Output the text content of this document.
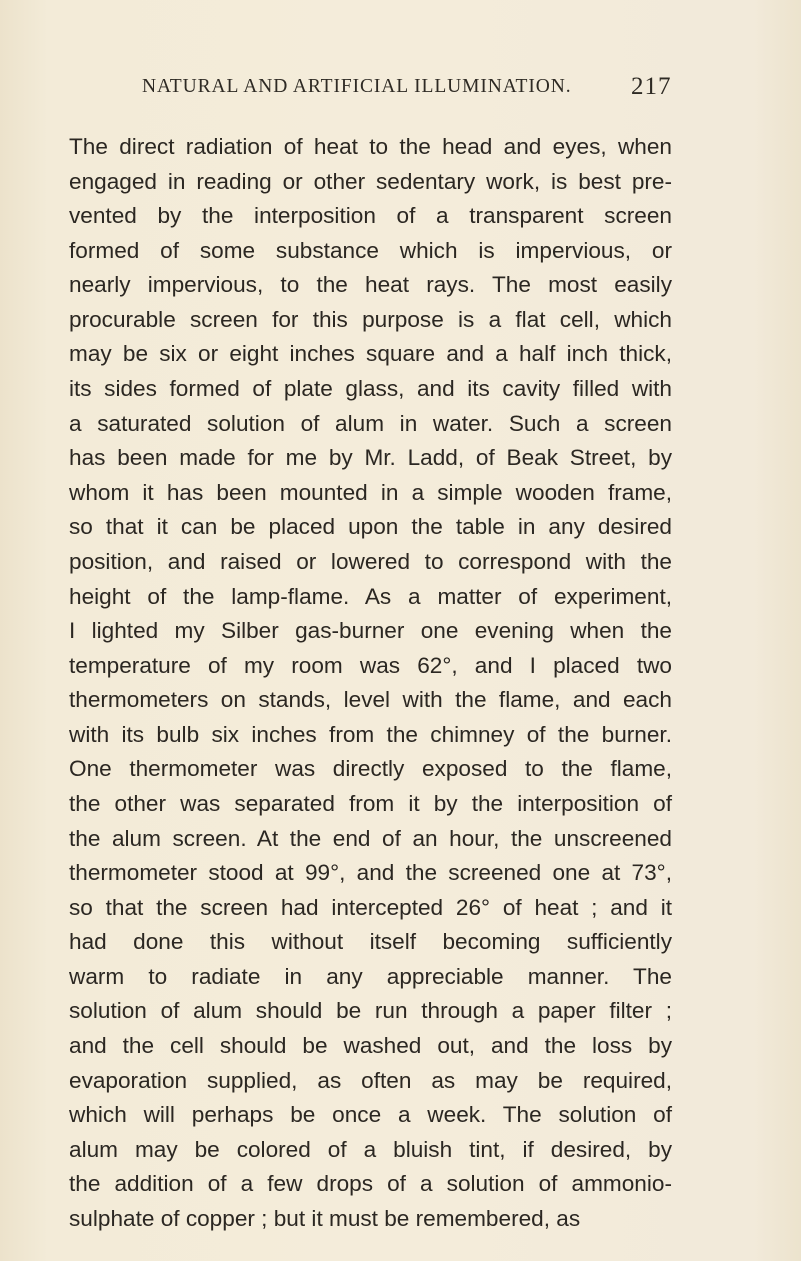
NATURAL AND ARTIFICIAL ILLUMINATION. 217
The direct radiation of heat to the head and eyes, when
engaged in reading or other sedentary work, is best pre-
vented by the interposition of a transparent screen
formed of some substance which is impervious, or
nearly impervious, to the heat rays. The most easily
procurable screen for this purpose is a flat cell, which
may be six or eight inches square and a half inch thick,
its sides formed of plate glass, and its cavity filled with
a saturated solution of alum in water. Such a screen
has been made for me by Mr. Ladd, of Beak Street, by
whom it has been mounted in a simple wooden frame,
so that it can be placed upon the table in any desired
position, and raised or lowered to correspond with the
height of the lamp-flame. As a matter of experiment,
I lighted my Silber gas-burner one evening when the
temperature of my room was 62°, and I placed two
thermometers on stands, level with the flame, and each
with its bulb six inches from the chimney of the burner.
One thermometer was directly exposed to the flame,
the other was separated from it by the interposition of
the alum screen. At the end of an hour, the unscreened
thermometer stood at 99°, and the screened one at 73°,
so that the screen had intercepted 26° of heat ; and it
had done this without itself becoming sufficiently
warm to radiate in any appreciable manner. The
solution of alum should be run through a paper filter ;
and the cell should be washed out, and the loss by
evaporation supplied, as often as may be required,
which will perhaps be once a week. The solution of
alum may be colored of a bluish tint, if desired, by
the addition of a few drops of a solution of ammonio-
sulphate of copper ; but it must be remembered, as
